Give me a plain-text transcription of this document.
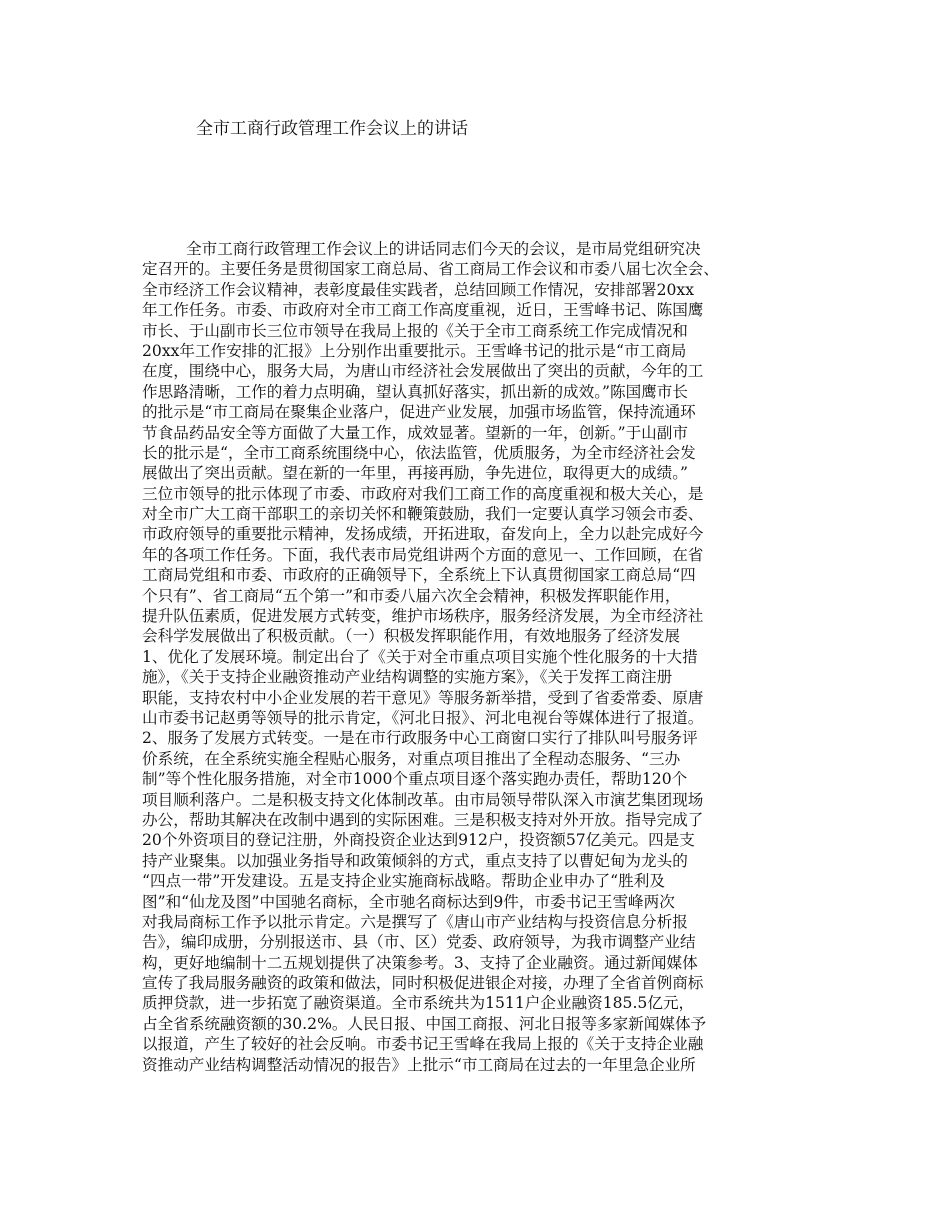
全市工商行政管理工作会议上的讲话
全市工商行政管理工作会议上的讲话同志们今天的会议，是市局党组研究决
定召开的。主要任务是贯彻国家工商总局、省工商局工作会议和市委八届七次全会、
全市经济工作会议精神，表彰度最佳实践者，总结回顾工作情况，安排部署20xx
年工作任务。市委、市政府对全市工商工作高度重视，近日，王雪峰书记、陈国鹰
市长、于山副市长三位市领导在我局上报的《关于全市工商系统工作完成情况和
20xx年工作安排的汇报》上分别作出重要批示。王雪峰书记的批示是“市工商局
在度，围绕中心，服务大局，为唐山市经济社会发展做出了突出的贡献，今年的工
作思路清晰，工作的着力点明确，望认真抓好落实，抓出新的成效。”陈国鹰市长
的批示是“市工商局在聚集企业落户，促进产业发展，加强市场监管，保持流通环
节食品药品安全等方面做了大量工作，成效显著。望新的一年，创新。”于山副市
长的批示是“，全市工商系统围绕中心，依法监管，优质服务，为全市经济社会发
展做出了突出贡献。望在新的一年里，再接再励，争先进位，取得更大的成绩。”
三位市领导的批示体现了市委、市政府对我们工商工作的高度重视和极大关心，是
对全市广大工商干部职工的亲切关怀和鞭策鼓励，我们一定要认真学习领会市委、
市政府领导的重要批示精神，发扬成绩，开拓进取，奋发向上，全力以赴完成好今
年的各项工作任务。下面，我代表市局党组讲两个方面的意见一、工作回顾，在省
工商局党组和市委、市政府的正确领导下，全系统上下认真贯彻国家工商总局“四
个只有”、省工商局“五个第一”和市委八届六次全会精神，积极发挥职能作用，
提升队伍素质，促进发展方式转变，维护市场秩序，服务经济发展，为全市经济社
会科学发展做出了积极贡献。（一）积极发挥职能作用，有效地服务了经济发展
1、优化了发展环境。制定出台了《关于对全市重点项目实施个性化服务的十大措
施》，《关于支持企业融资推动产业结构调整的实施方案》，《关于发挥工商注册
职能，支持农村中小企业发展的若干意见》等服务新举措，受到了省委常委、原唐
山市委书记赵勇等领导的批示肯定，《河北日报》、河北电视台等媒体进行了报道。
2、服务了发展方式转变。一是在市行政服务中心工商窗口实行了排队叫号服务评
价系统，在全系统实施全程贴心服务，对重点项目推出了全程动态服务、“三办
制”等个性化服务措施，对全市1000个重点项目逐个落实跑办责任，帮助120个
项目顺利落户。二是积极支持文化体制改革。由市局领导带队深入市演艺集团现场
办公，帮助其解决在改制中遇到的实际困难。三是积极支持对外开放。指导完成了
20个外资项目的登记注册，外商投资企业达到912户，投资额57亿美元。四是支
持产业聚集。以加强业务指导和政策倾斜的方式，重点支持了以曹妃甸为龙头的
“四点一带”开发建设。五是支持企业实施商标战略。帮助企业申办了“胜利及
图”和“仙龙及图”中国驰名商标，全市驰名商标达到9件，市委书记王雪峰两次
对我局商标工作予以批示肯定。六是撰写了《唐山市产业结构与投资信息分析报
告》，编印成册，分别报送市、县（市、区）党委、政府领导，为我市调整产业结
构，更好地编制十二五规划提供了决策参考。3、支持了企业融资。通过新闻媒体
宣传了我局服务融资的政策和做法，同时积极促进银企对接，办理了全省首例商标
质押贷款，进一步拓宽了融资渠道。全市系统共为1511户企业融资185.5亿元，
占全省系统融资额的30.2%。人民日报、中国工商报、河北日报等多家新闻媒体予
以报道，产生了较好的社会反响。市委书记王雪峰在我局上报的《关于支持企业融
资推动产业结构调整活动情况的报告》上批示“市工商局在过去的一年里急企业所
